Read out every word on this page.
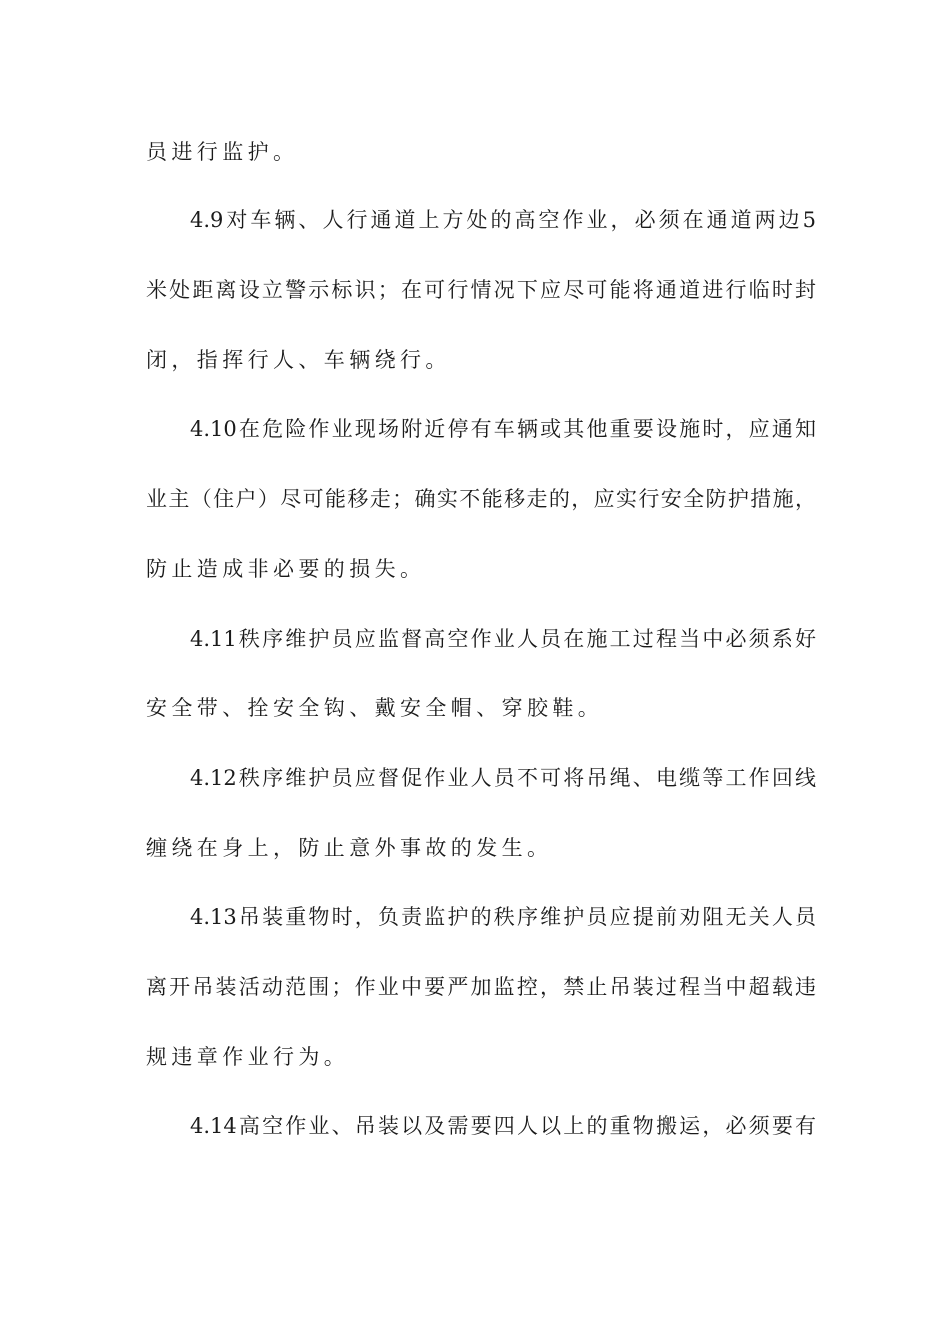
员进行监护。
4.9对车辆、人行通道上方处的高空作业，必须在通道两边5
米处距离设立警示标识；在可行情况下应尽可能将通道进行临时封
闭，指挥行人、车辆绕行。
4.10在危险作业现场附近停有车辆或其他重要设施时，应通知
业主（住户）尽可能移走；确实不能移走的，应实行安全防护措施，
防止造成非必要的损失。
4.11秩序维护员应监督高空作业人员在施工过程当中必须系好
安全带、拴安全钩、戴安全帽、穿胶鞋。
4.12秩序维护员应督促作业人员不可将吊绳、电缆等工作回线
缠绕在身上，防止意外事故的发生。
4.13吊装重物时，负责监护的秩序维护员应提前劝阻无关人员
离开吊装活动范围；作业中要严加监控，禁止吊装过程当中超载违
规违章作业行为。
4.14高空作业、吊装以及需要四人以上的重物搬运，必须要有
